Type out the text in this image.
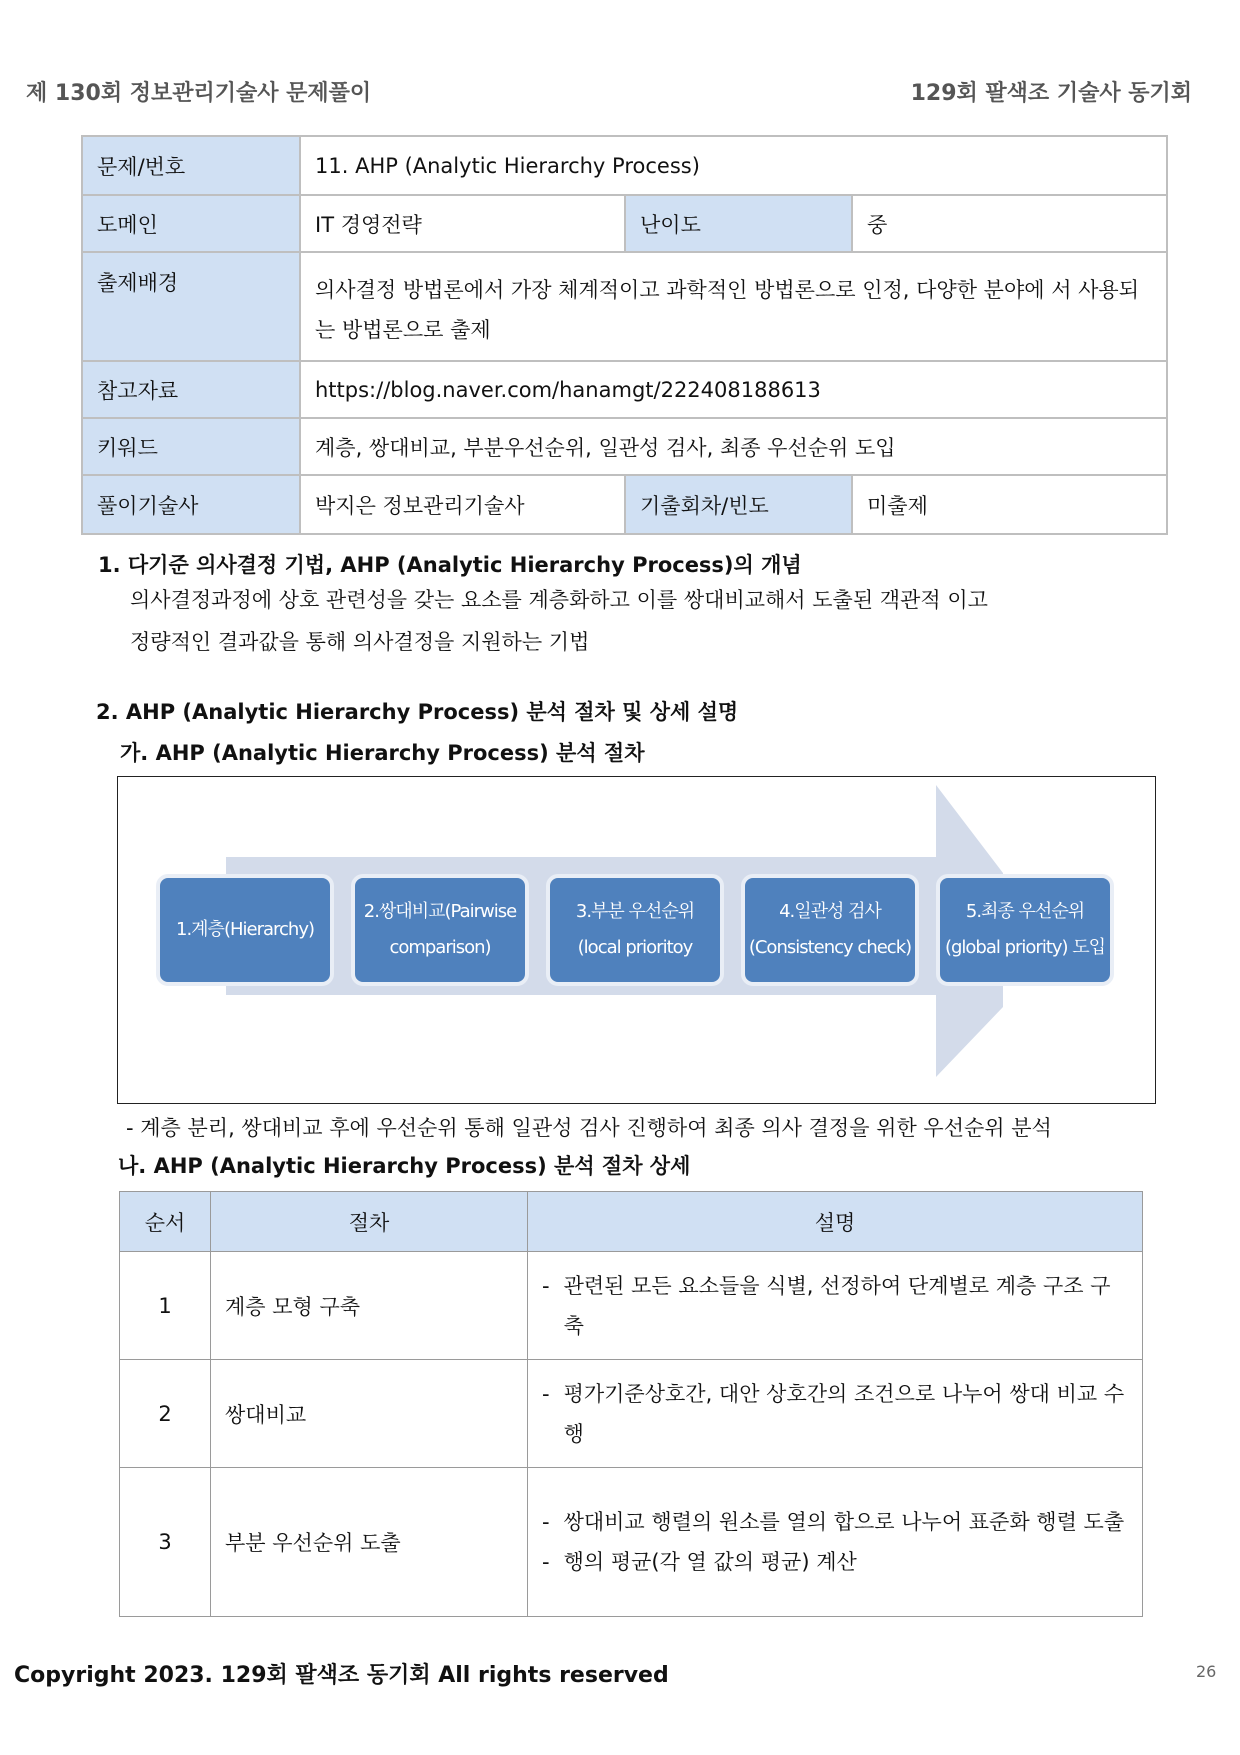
제 130회 정보관리기술사 문제풀이	129회 팔색조 기술사 동기회
문제/번호	11. AHP (Analytic Hierarchy Process)		
도메인	IT 경영전략	난이도	중
출제배경	의사결정 방법론에서 가장 체계적이고 과학적인 방법론으로 인정, 다양한 분야에 서 사용되는 방법론으로 출제		
참고자료	https://blog.naver.com/hanamgt/222408188613		
키워드	계층, 쌍대비교, 부분우선순위, 일관성 검사, 최종 우선순위 도입		
풀이기술사	박지은 정보관리기술사	기출회차/빈도	미출제
1. 다기준 의사결정 기법, AHP (Analytic Hierarchy Process)의 개념
의사결정과정에 상호 관련성을 갖는 요소를 계층화하고 이를 쌍대비교해서 도출된 객관적 이고
정량적인 결과값을 통해 의사결정을 지원하는 기법
2. AHP (Analytic Hierarchy Process) 분석 절차 및 상세 설명
가. AHP (Analytic Hierarchy Process) 분석 절차
1.계층(Hierarchy)
2.쌍대비교(Pairwise
comparison)
3.부분 우선순위
(local prioritoy
4.일관성 검사
(Consistency check)
5.최종 우선순위
(global priority) 도입
- 계층 분리, 쌍대비교 후에 우선순위 통해 일관성 검사 진행하여 최종 의사 결정을 위한 우선순위 분석
나. AHP (Analytic Hierarchy Process) 분석 절차 상세
순서	절차	설명
1	계층 모형 구축	- 관련된 모든 요소들을 식별, 선정하여 단계별로 계층 구조 구축

2	쌍대비교	- 평가기준상호간, 대안 상호간의 조건으로 나누어 쌍대 비교 수행

3	부분 우선순위 도출	- 쌍대비교 행렬의 원소를 열의 합으로 나누어 표준화 행렬 도출
- 행의 평균(각 열 값의 평균) 계산
Copyright 2023. 129회 팔색조 동기회 All rights reserved	26
